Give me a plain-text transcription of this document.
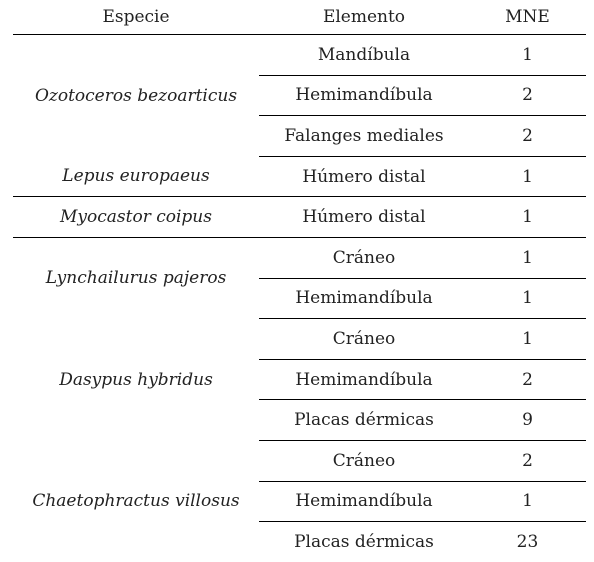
Especie	Elemento	MNE
Ozotoceros bezoarticus	Mandíbula	1
	Hemimandíbula	2
	Falanges mediales	2
Lepus europaeus	Húmero distal	1
Myocastor coipus	Húmero distal	1
Lynchailurus pajeros	Cráneo	1
	Hemimandíbula	1
Dasypus hybridus	Cráneo	1
	Hemimandíbula	2
	Placas dérmicas	9
Chaetophractus villosus	Cráneo	2
	Hemimandíbula	1
	Placas dérmicas	23
